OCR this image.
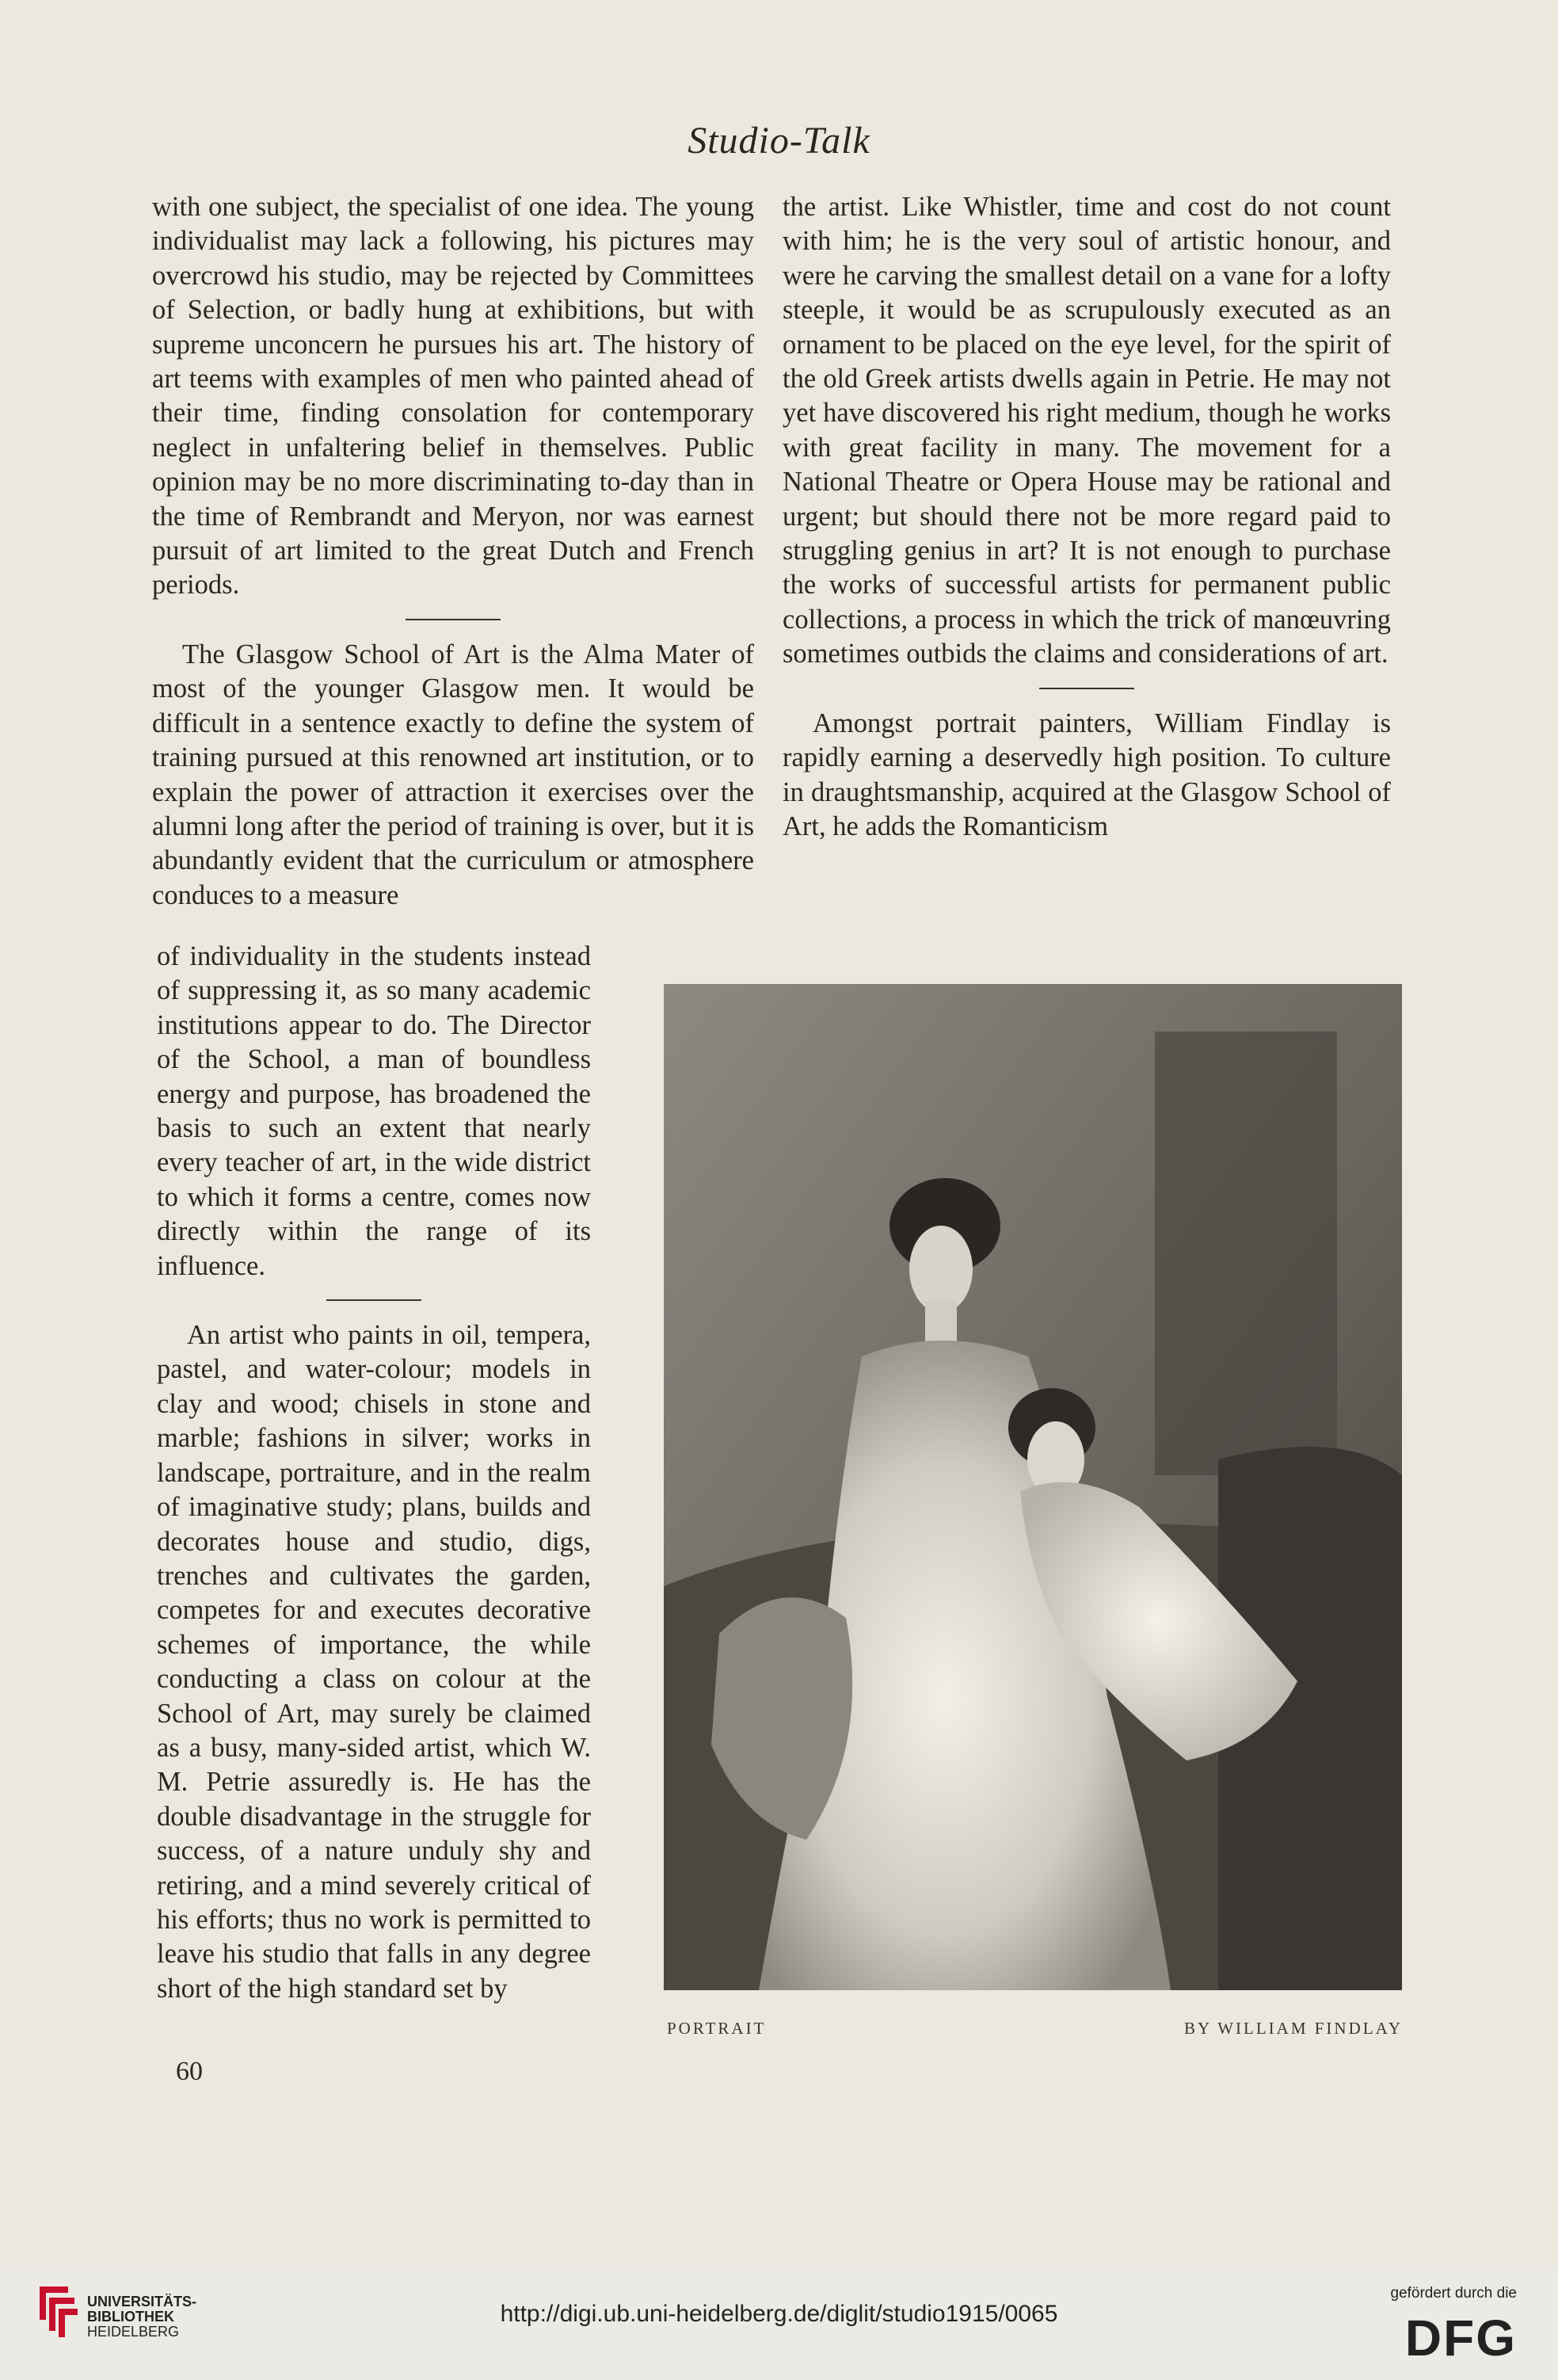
Studio-Talk

with one subject, the specialist of one idea. The young individualist may lack a following, his pictures may overcrowd his studio, may be rejected by Committees of Selection, or badly hung at exhibitions, but with supreme unconcern he pursues his art. The history of art teems with examples of men who painted ahead of their time, finding consolation for contemporary neglect in unfaltering belief in themselves. Public opinion may be no more discriminating to-day than in the time of Rembrandt and Meryon, nor was earnest pursuit of art limited to the great Dutch and French periods.

The Glasgow School of Art is the Alma Mater of most of the younger Glasgow men. It would be difficult in a sentence exactly to define the system of training pursued at this renowned art institution, or to explain the power of attraction it exercises over the alumni long after the period of training is over, but it is abundantly evident that the curriculum or atmosphere conduces to a measure

of individuality in the students instead of suppressing it, as so many academic institutions appear to do. The Director of the School, a man of boundless energy and purpose, has broadened the basis to such an extent that nearly every teacher of art, in the wide district to which it forms a centre, comes now directly within the range of its influence.

An artist who paints in oil, tempera, pastel, and water-colour; models in clay and wood; chisels in stone and marble; fashions in silver; works in landscape, portraiture, and in the realm of imaginative study; plans, builds and decorates house and studio, digs, trenches and cultivates the garden, competes for and executes decorative schemes of importance, the while conducting a class on colour at the School of Art, may surely be claimed as a busy, many-sided artist, which W. M. Petrie assuredly is. He has the double disadvantage in the struggle for success, of a nature unduly shy and retiring, and a mind severely critical of his efforts; thus no work is permitted to leave his studio that falls in any degree short of the high standard set by

the artist. Like Whistler, time and cost do not count with him; he is the very soul of artistic honour, and were he carving the smallest detail on a vane for a lofty steeple, it would be as scrupulously executed as an ornament to be placed on the eye level, for the spirit of the old Greek artists dwells again in Petrie. He may not yet have discovered his right medium, though he works with great facility in many. The movement for a National Theatre or Opera House may be rational and urgent; but should there not be more regard paid to struggling genius in art? It is not enough to purchase the works of successful artists for permanent public collections, a process in which the trick of manœuvring sometimes outbids the claims and considerations of art.

Amongst portrait painters, William Findlay is rapidly earning a deservedly high position. To culture in draughtsmanship, acquired at the Glasgow School of Art, he adds the Romanticism

PORTRAIT	BY WILLIAM FINDLAY
60
UNIVERSITÄTS-
BIBLIOTHEK
HEIDELBERG
http://digi.ub.uni-heidelberg.de/diglit/studio1915/0065
gefördert durch die
DFG
